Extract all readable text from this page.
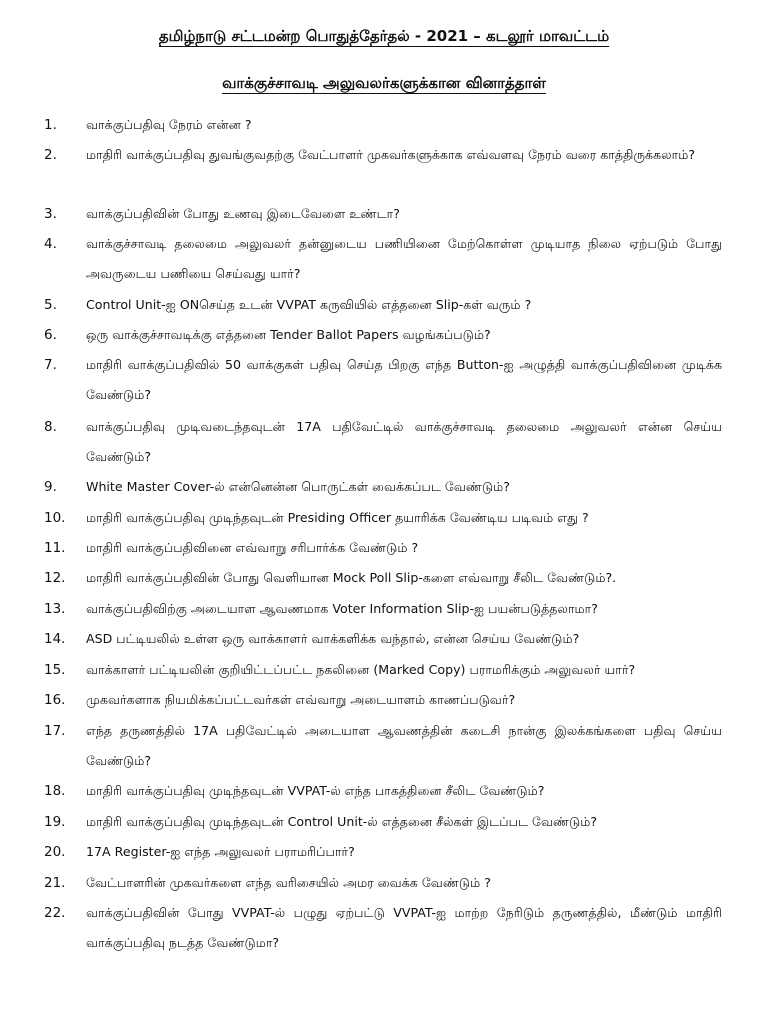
தமிழ்நாடு சட்டமன்ற பொதுத்தேர்தல் - 2021 – கடலூர் மாவட்டம்
வாக்குச்சாவடி அலுவலர்களுக்கான வினாத்தாள்
1.	வாக்குப்பதிவு நேரம் என்ன ?
2.	மாதிரி வாக்குப்பதிவு துவங்குவதற்கு வேட்பாளர் முகவர்களுக்காக எவ்வளவு நேரம் வரை காத்திருக்கலாம்?
3.	வாக்குப்பதிவின் போது உணவு இடைவேளை உண்டா?
4.	வாக்குச்சாவடி தலைமை அலுவலர் தன்னுடைய பணியினை மேற்கொள்ள முடியாத நிலை ஏற்படும் போது அவருடைய பணியை செய்வது யார்?
5.	Control Unit-ஐ ONசெய்த உடன் VVPAT கருவியில் எத்தனை Slip-கள் வரும் ?
6.	ஒரு வாக்குச்சாவடிக்கு எத்தனை Tender Ballot Papers வழங்கப்படும்?
7.	மாதிரி வாக்குப்பதிவில் 50 வாக்குகள் பதிவு செய்த பிறகு எந்த Button-ஐ அழுத்தி வாக்குப்பதிவினை முடிக்க வேண்டும்?
8.	வாக்குப்பதிவு முடிவடைந்தவுடன் 17A பதிவேட்டில் வாக்குச்சாவடி தலைமை அலுவலர் என்ன செய்ய வேண்டும்?
9.	White Master Cover-ல் என்னென்ன பொருட்கள் வைக்கப்பட வேண்டும்?
10.	மாதிரி வாக்குப்பதிவு முடிந்தவுடன் Presiding Officer தயாரிக்க வேண்டிய படிவம் எது ?
11.	மாதிரி வாக்குப்பதிவினை எவ்வாறு சரிபார்க்க வேண்டும் ?
12.	மாதிரி வாக்குப்பதிவின் போது வெளியான Mock Poll Slip-களை எவ்வாறு சீலிட வேண்டும்?.
13.	வாக்குப்பதிவிற்கு அடையாள ஆவணமாக Voter Information Slip-ஐ பயன்படுத்தலாமா?
14.	ASD பட்டியலில் உள்ள ஒரு வாக்காளர் வாக்களிக்க வந்தால், என்ன செய்ய வேண்டும்?
15.	வாக்காளர் பட்டியலின் குறியிட்டப்பட்ட நகலினை (Marked Copy) பராமரிக்கும் அலுவலர் யார்?
16.	முகவர்களாக நியமிக்கப்பட்டவர்கள் எவ்வாறு அடையாளம் காணப்படுவர்?
17.	எந்த தருணத்தில் 17A பதிவேட்டில் அடையாள ஆவணத்தின் கடைசி நான்கு இலக்கங்களை பதிவு செய்ய வேண்டும்?
18.	மாதிரி வாக்குப்பதிவு முடிந்தவுடன் VVPAT-ல் எந்த பாகத்தினை சீலிட வேண்டும்?
19.	மாதிரி வாக்குப்பதிவு முடிந்தவுடன் Control Unit-ல் எத்தனை சீல்கள் இடப்பட வேண்டும்?
20.	17A Register-ஐ எந்த அலுவலர் பராமரிப்பார்?
21.	வேட்பாளரின் முகவர்களை எந்த வரிசையில் அமர வைக்க வேண்டும் ?
22.	வாக்குப்பதிவின் போது VVPAT-ல் பழுது ஏற்பட்டு VVPAT-ஐ மாற்ற நேரிடும் தருணத்தில், மீண்டும் மாதிரி வாக்குப்பதிவு நடத்த வேண்டுமா?
